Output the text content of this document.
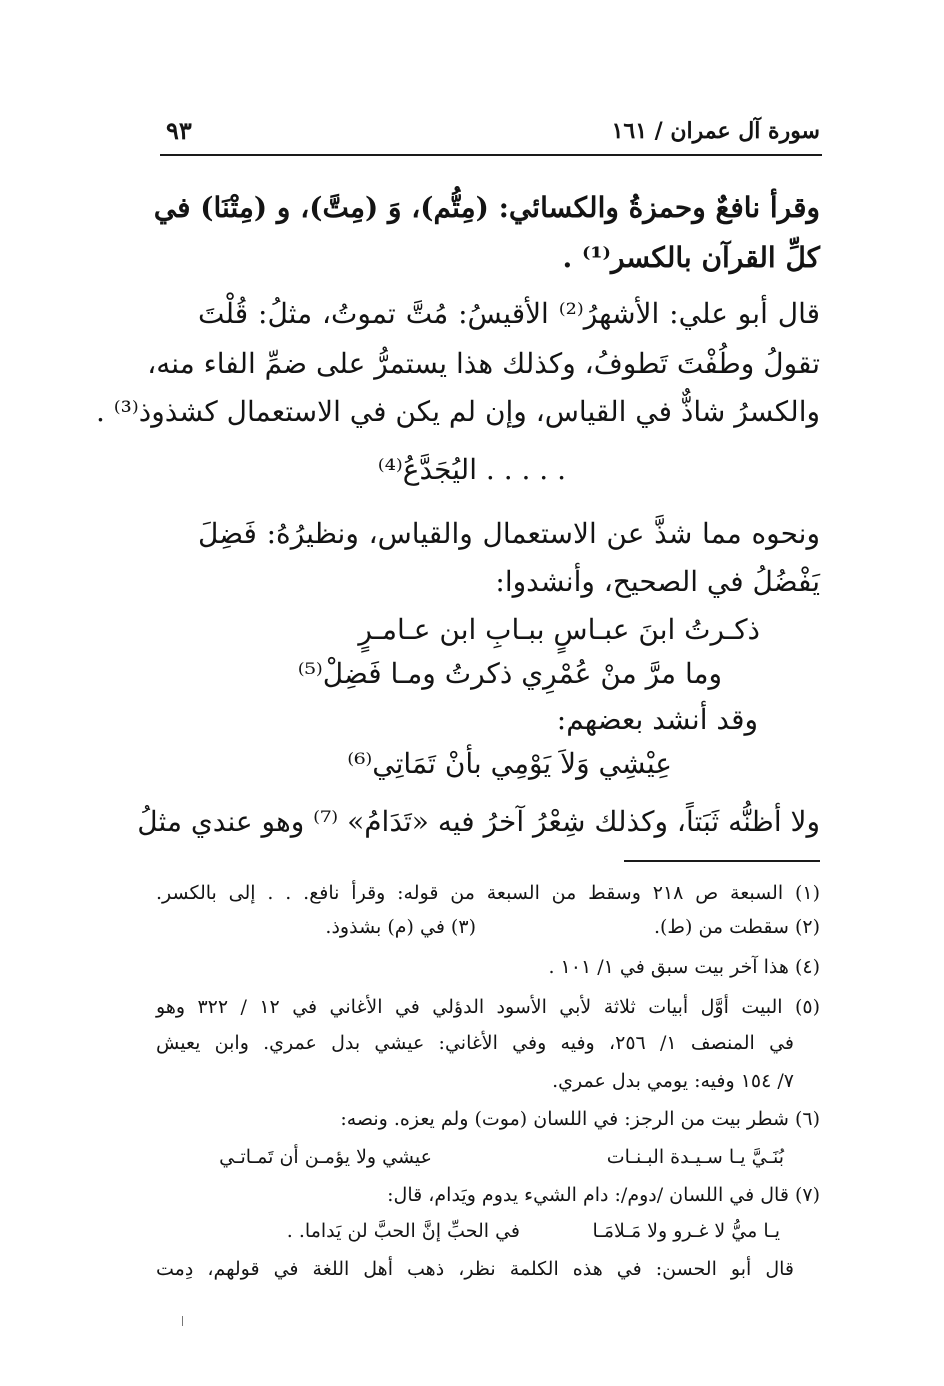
سورة آل عمران / ١٦١
٩٣
وقرأ نافعٌ وحمزةُ والكسائي: (مِتُّم)، وَ (مِتَّ)، و (مِتْنَا) في
كلِّ القرآن بالكسر⁽¹⁾ .
قال أبو علي: الأشهرُ⁽²⁾ الأقيسُ: مُتَّ تموتُ، مثلُ: قُلْتَ
تقولُ وطُفْتَ تَطوفُ، وكذلك هذا يستمرُّ على ضمِّ الفاء منه،
والكسرُ شاذٌّ في القياس، وإن لم يكن في الاستعمال كشذوذ⁽³⁾ .
. . . . . اليُجَدَّعُ⁽⁴⁾
ونحوه مما شذَّ عن الاستعمال والقياس، ونظيرُهُ: فَضِلَ
يَفْضُلُ في الصحيح، وأنشدوا:
ذكـرتُ ابنَ عبـاسٍ ببـابِ ابن عـامـرٍ
وما مرَّ منْ عُمْرِي ذكرتُ ومـا فَضِلْ⁽⁵⁾
وقد أنشد بعضهم:
عِيْشِي وَلاَ يَوْمِي بأنْ تَمَاتِي⁽⁶⁾
ولا أظنُّه ثَبَتاً، وكذلك شِعْرُ آخرُ فيه «تَدَامُ» ⁽⁷⁾ وهو عندي مثلُ
(١) السبعة ص ٢١٨ وسقط من السبعة من قوله: وقرأ نافع. . . إلى بالكسر.
(٢) سقطت من (ط).
(٣) في (م) بشذوذ.
(٤) هذا آخر بيت سبق في ١/ ١٠١ .
(٥) البيت أوَّل أبيات ثلاثة لأبي الأسود الدؤلي في الأغاني في ١٢ / ٣٢٢ وهو
في المنصف ١/ ٢٥٦، وفيه وفي الأغاني: عيشي بدل عمري. وابن يعيش
٧/ ١٥٤ وفيه: يومي بدل عمري.
(٦) شطر بيت من الرجز: في اللسان (موت) ولم يعزه. ونصه:
بُنَـيَّ يـا سـيـدة البـنـات
عيشي ولا يؤمـن أن تَمـاتـي
(٧) قال في اللسان /دوم/: دام الشيء يدوم ويَدام، قال:
يـا ميُّ لا غـرو ولا مَـلامَـا
في الحبِّ إنَّ الحبَّ لن يَداما. .
قال أبو الحسن: في هذه الكلمة نظر، ذهب أهل اللغة في قولهم، دِمت
